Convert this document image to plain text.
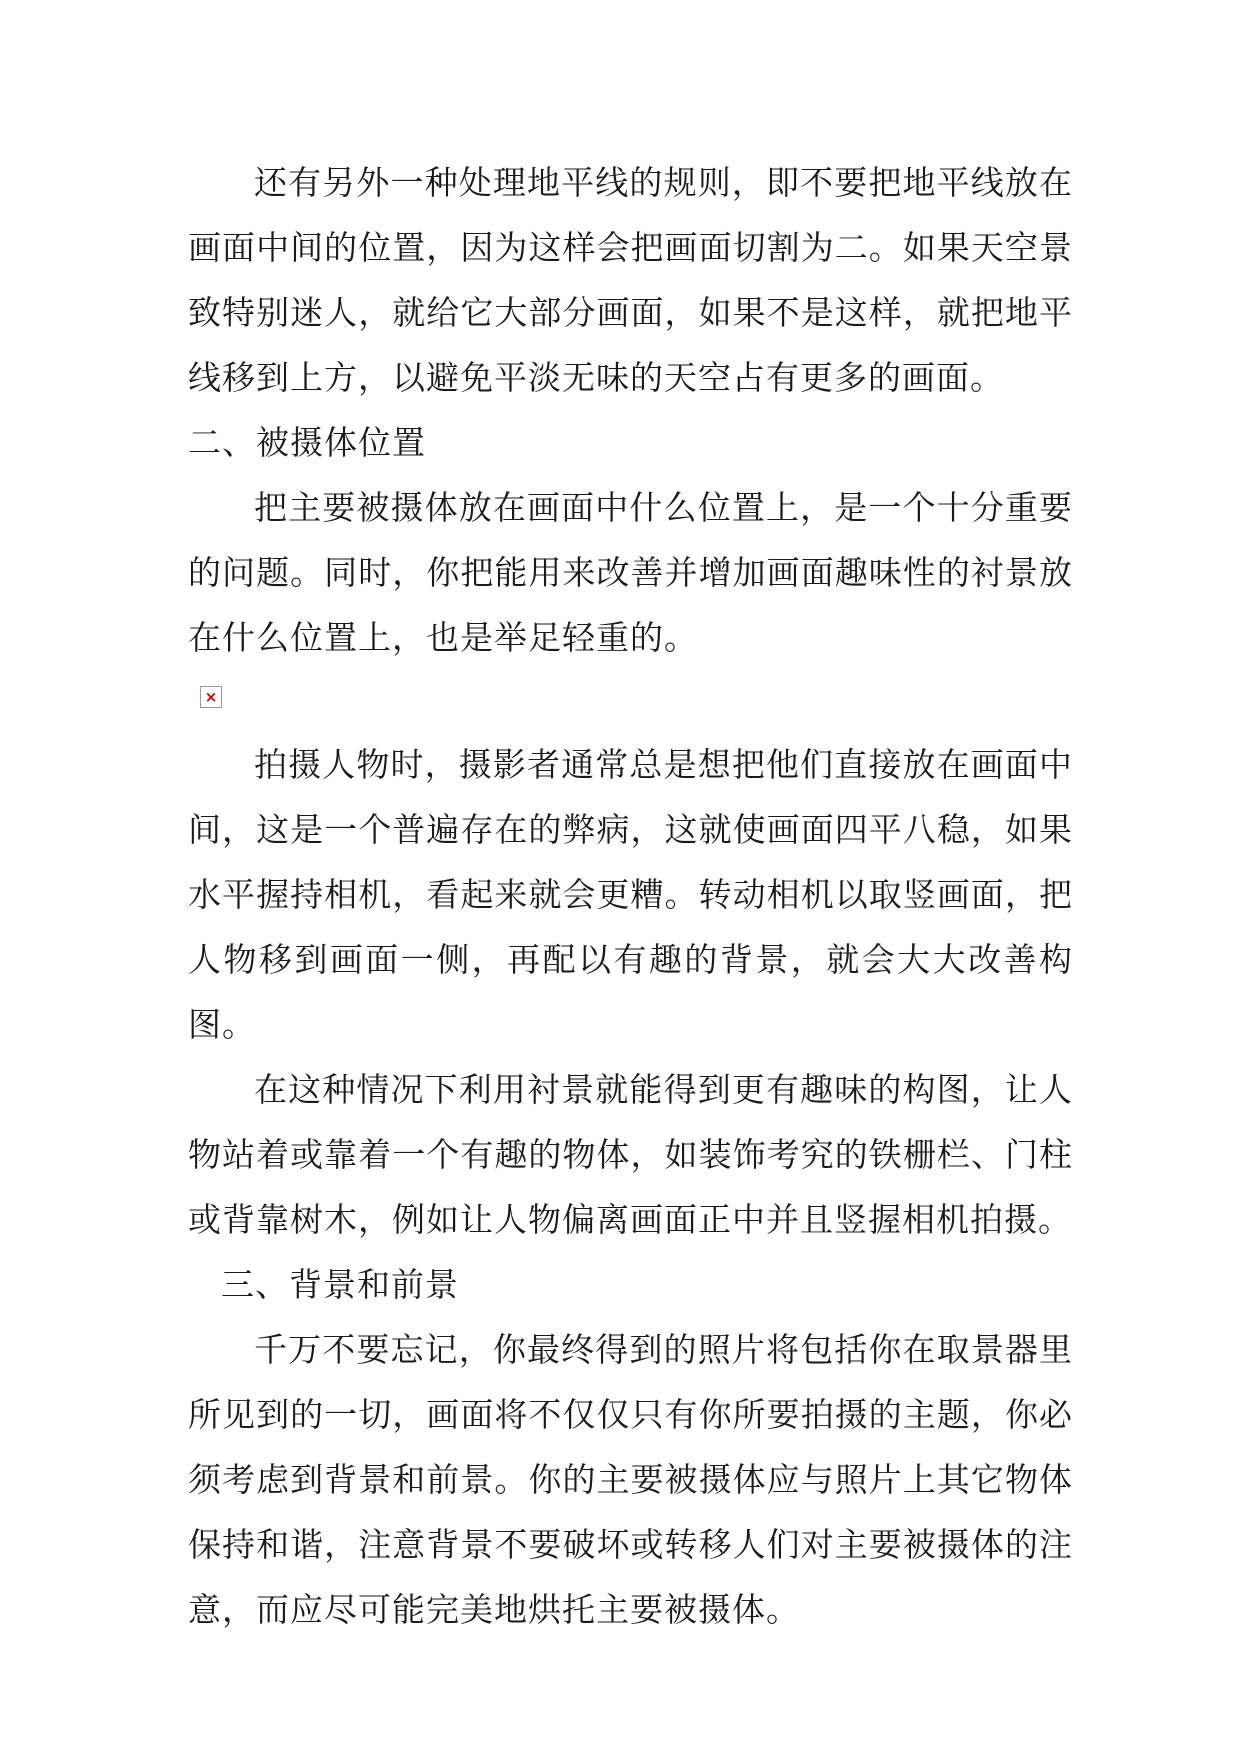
还有另外一种处理地平线的规则，即不要把地平线放在画面中间的位置，因为这样会把画面切割为二。如果天空景致特别迷人，就给它大部分画面，如果不是这样，就把地平线移到上方，以避免平淡无味的天空占有更多的画面。

二、被摄体位置

把主要被摄体放在画面中什么位置上，是一个十分重要的问题。同时，你把能用来改善并增加画面趣味性的衬景放在什么位置上，也是举足轻重的。

×

拍摄人物时，摄影者通常总是想把他们直接放在画面中间，这是一个普遍存在的弊病，这就使画面四平八稳，如果水平握持相机，看起来就会更糟。转动相机以取竖画面，把人物移到画面一侧，再配以有趣的背景，就会大大改善构图。

在这种情况下利用衬景就能得到更有趣味的构图，让人物站着或靠着一个有趣的物体，如装饰考究的铁栅栏、门柱或背靠树木，例如让人物偏离画面正中并且竖握相机拍摄。

三、背景和前景

千万不要忘记，你最终得到的照片将包括你在取景器里所见到的一切，画面将不仅仅只有你所要拍摄的主题，你必须考虑到背景和前景。你的主要被摄体应与照片上其它物体保持和谐，注意背景不要破坏或转移人们对主要被摄体的注意，而应尽可能完美地烘托主要被摄体。
